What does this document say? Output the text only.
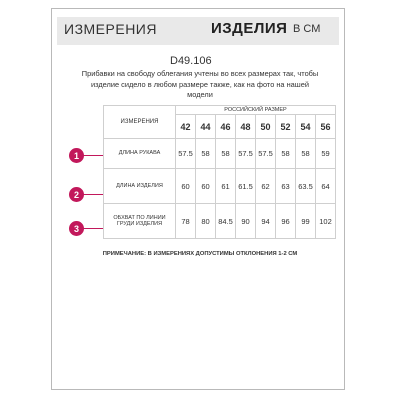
ИЗМЕРЕНИЯ	ИЗДЕЛИЯ В СМ
D49.106
Прибавки на свободу облегания учтены во всех размерах так, чтобы изделие сидело в любом размере также, как на фото на нашей модели
ИЗМЕРЕНИЯ	РОССИЙСКИЙ РАЗМЕР							
	42	44	46	48	50	52	54	56
ДЛИНА РУКАВА	57.5	58	58	57.5	57.5	58	58	59
ДЛИНА ИЗДЕЛИЯ	60	60	61	61.5	62	63	63.5	64
ОБХВАТ ПО ЛИНИИ ГРУДИ ИЗДЕЛИЯ	78	80	84.5	90	94	96	99	102
1
2
3
ПРИМЕЧАНИЕ: В ИЗМЕРЕНИЯХ ДОПУСТИМЫ ОТКЛОНЕНИЯ 1-2 СМ
